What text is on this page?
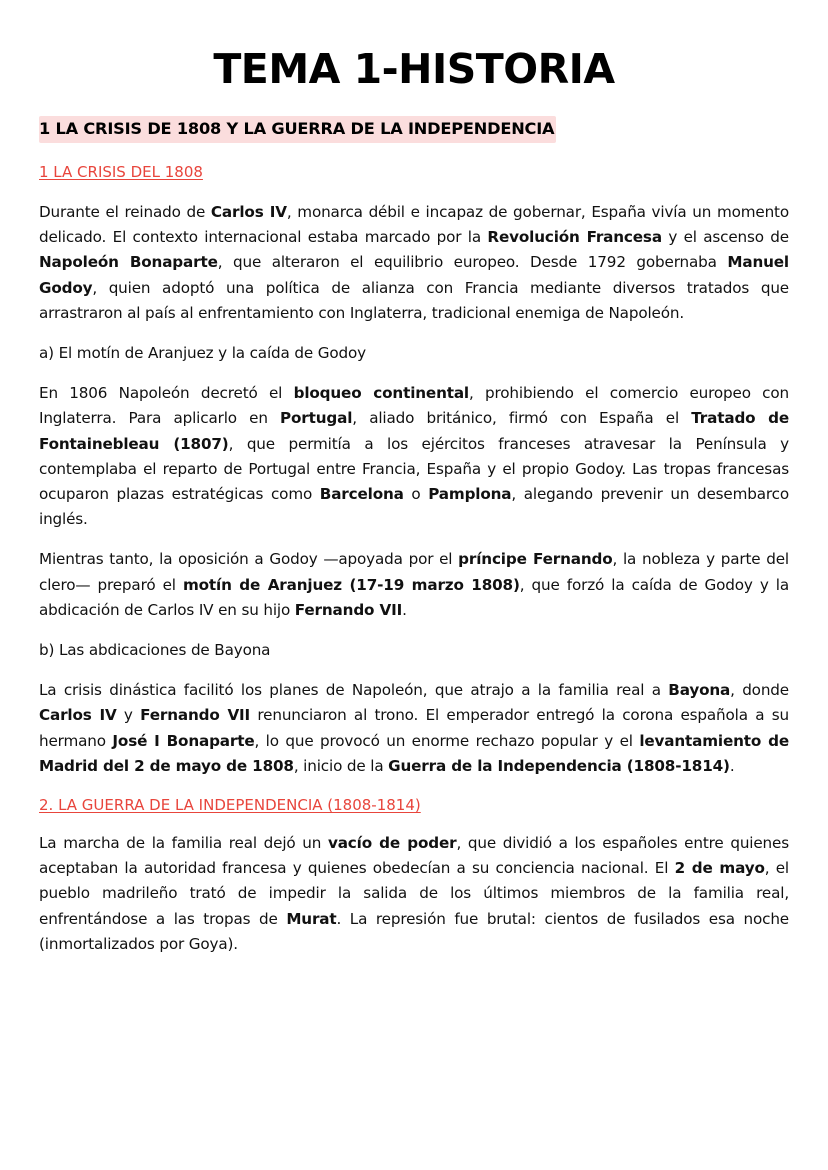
TEMA 1-HISTORIA
1 LA CRISIS DE 1808 Y LA GUERRA DE LA INDEPENDENCIA
1 LA CRISIS DEL 1808

Durante el reinado de Carlos IV, monarca débil e incapaz de gobernar, España vivía un momento delicado. El contexto internacional estaba marcado por la Revolución Francesa y el ascenso de Napoleón Bonaparte, que alteraron el equilibrio europeo. Desde 1792 gobernaba Manuel Godoy, quien adoptó una política de alianza con Francia mediante diversos tratados que arrastraron al país al enfrentamiento con Inglaterra, tradicional enemiga de Napoleón.

a) El motín de Aranjuez y la caída de Godoy

En 1806 Napoleón decretó el bloqueo continental, prohibiendo el comercio europeo con Inglaterra. Para aplicarlo en Portugal, aliado británico, firmó con España el Tratado de Fontainebleau (1807), que permitía a los ejércitos franceses atravesar la Península y contemplaba el reparto de Portugal entre Francia, España y el propio Godoy. Las tropas francesas ocuparon plazas estratégicas como Barcelona o Pamplona, alegando prevenir un desembarco inglés.

Mientras tanto, la oposición a Godoy —apoyada por el príncipe Fernando, la nobleza y parte del clero— preparó el motín de Aranjuez (17-19 marzo 1808), que forzó la caída de Godoy y la abdicación de Carlos IV en su hijo Fernando VII.

b) Las abdicaciones de Bayona

La crisis dinástica facilitó los planes de Napoleón, que atrajo a la familia real a Bayona, donde Carlos IV y Fernando VII renunciaron al trono. El emperador entregó la corona española a su hermano José I Bonaparte, lo que provocó un enorme rechazo popular y el levantamiento de Madrid del 2 de mayo de 1808, inicio de la Guerra de la Independencia (1808-1814).

2. LA GUERRA DE LA INDEPENDENCIA (1808-1814)

La marcha de la familia real dejó un vacío de poder, que dividió a los españoles entre quienes aceptaban la autoridad francesa y quienes obedecían a su conciencia nacional. El 2 de mayo, el pueblo madrileño trató de impedir la salida de los últimos miembros de la familia real, enfrentándose a las tropas de Murat. La represión fue brutal: cientos de fusilados esa noche (inmortalizados por Goya).
